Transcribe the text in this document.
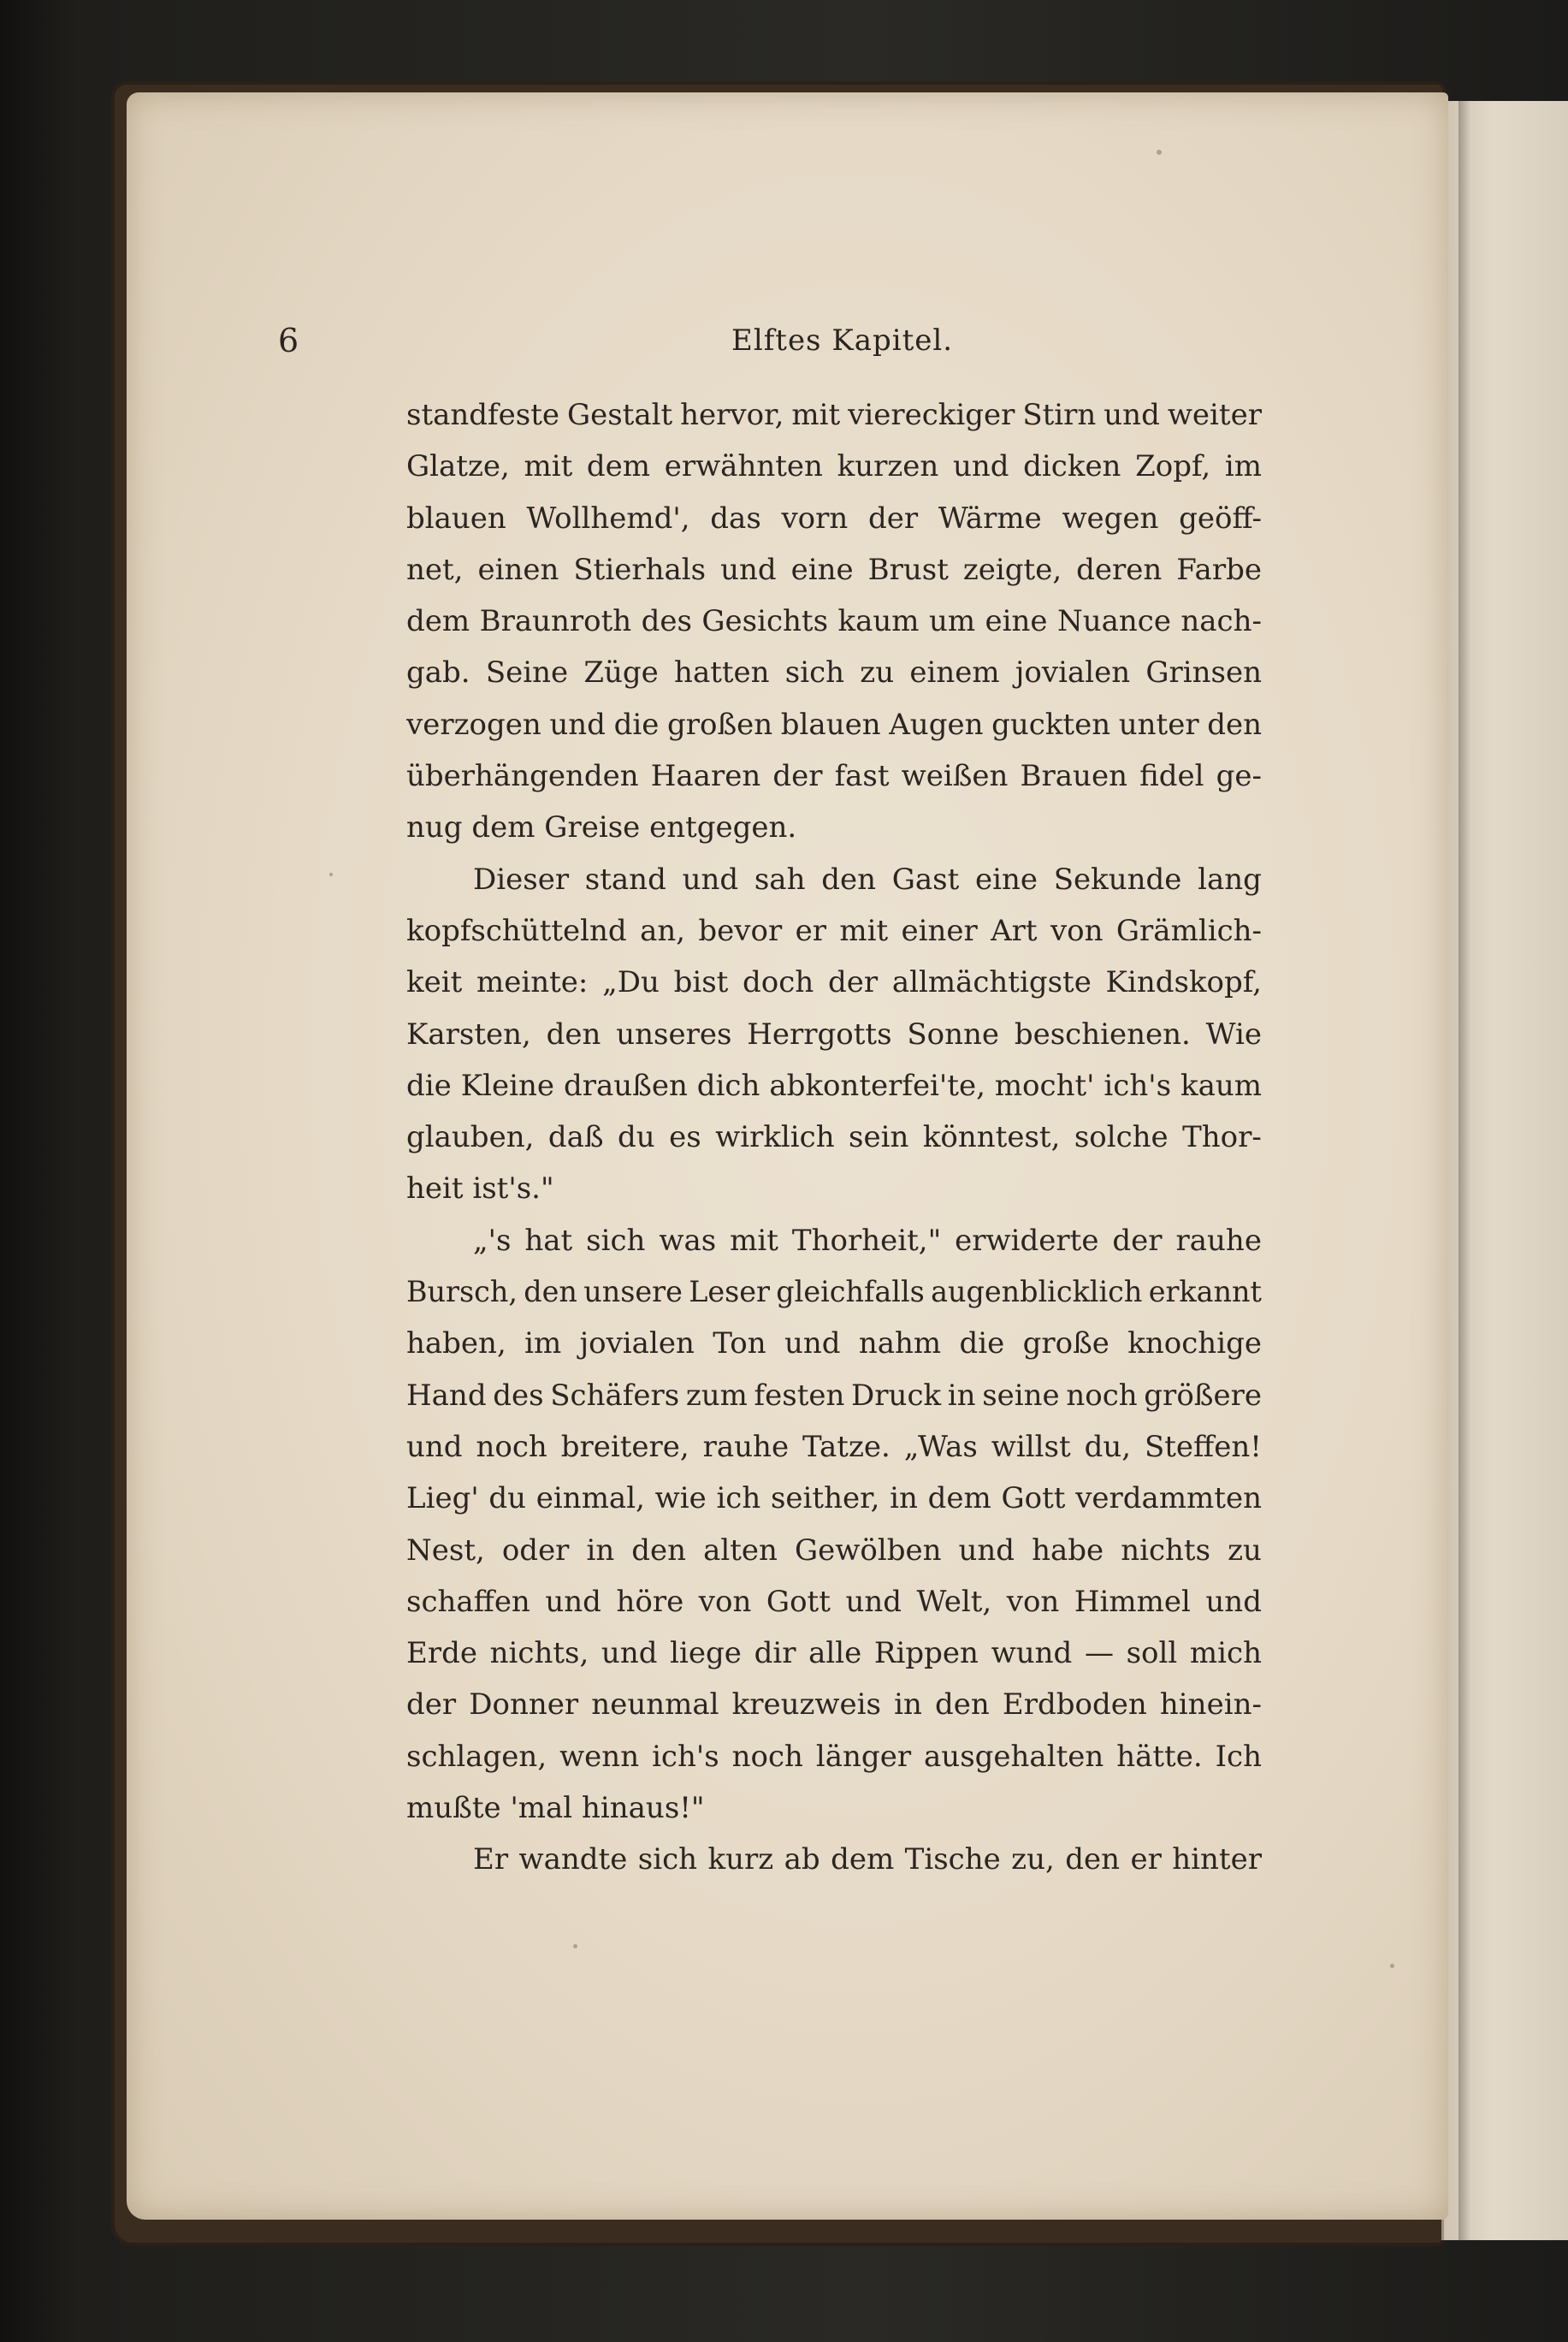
6	Elftes Kapitel.
standfeste Gestalt hervor, mit viereckiger Stirn und weiter
Glatze, mit dem erwähnten kurzen und dicken Zopf, im
blauen Wollhemd', das vorn der Wärme wegen geöff-
net, einen Stierhals und eine Brust zeigte, deren Farbe
dem Braunroth des Gesichts kaum um eine Nuance nach-
gab. Seine Züge hatten sich zu einem jovialen Grinsen
verzogen und die großen blauen Augen guckten unter den
überhängenden Haaren der fast weißen Brauen fidel ge-
nug dem Greise entgegen.
Dieser stand und sah den Gast eine Sekunde lang
kopfschüttelnd an, bevor er mit einer Art von Grämlich-
keit meinte: „Du bist doch der allmächtigste Kindskopf,
Karsten, den unseres Herrgotts Sonne beschienen. Wie
die Kleine draußen dich abkonterfei'te, mocht' ich's kaum
glauben, daß du es wirklich sein könntest, solche Thor-
heit ist's."
„'s hat sich was mit Thorheit," erwiderte der rauhe
Bursch, den unsere Leser gleichfalls augenblicklich erkannt
haben, im jovialen Ton und nahm die große knochige
Hand des Schäfers zum festen Druck in seine noch größere
und noch breitere, rauhe Tatze. „Was willst du, Steffen!
Lieg' du einmal, wie ich seither, in dem Gott verdammten
Nest, oder in den alten Gewölben und habe nichts zu
schaffen und höre von Gott und Welt, von Himmel und
Erde nichts, und liege dir alle Rippen wund — soll mich
der Donner neunmal kreuzweis in den Erdboden hinein-
schlagen, wenn ich's noch länger ausgehalten hätte. Ich
mußte 'mal hinaus!"
Er wandte sich kurz ab dem Tische zu, den er hinter
